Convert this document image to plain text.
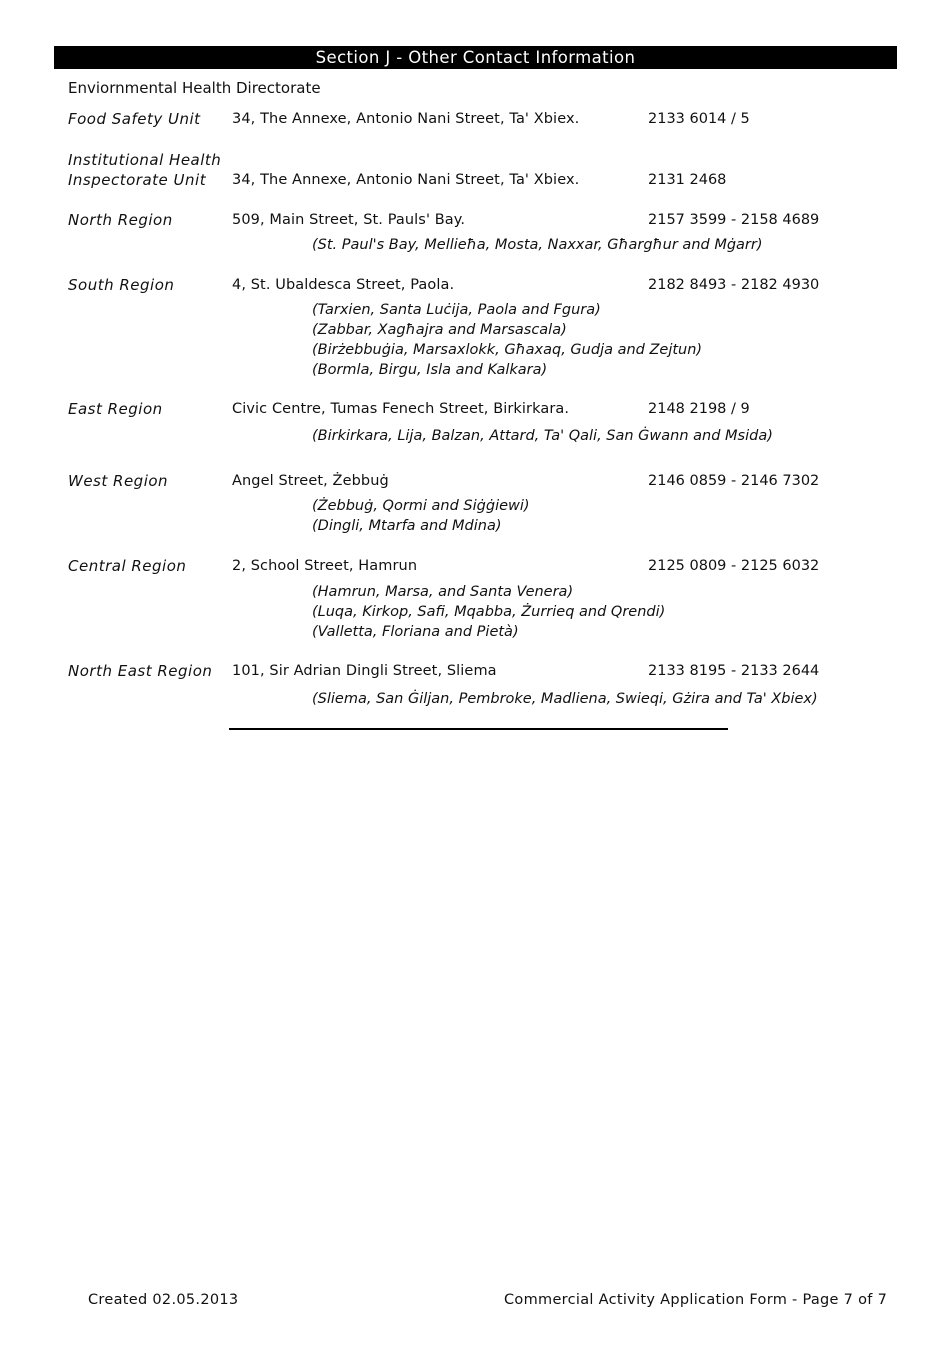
Section J - Other Contact Information
Enviornmental Health Directorate
Food Safety Unit 34, The Annexe, Antonio Nani Street, Ta' Xbiex.	2133 6014 / 5
Institutional Health
Inspectorate Unit	34, The Annexe, Antonio Nani Street, Ta' Xbiex.	2131 2468
North Region	509, Main Street, St. Pauls' Bay.	2157 3599 - 2158 4689
(St. Paul's Bay, Mellieħa, Mosta, Naxxar, Għargħur and Mġarr)
South Region	4, St. Ubaldesca Street, Paola.	2182 8493 - 2182 4930
(Tarxien, Santa Luċija, Paola and Fgura)
(Zabbar, Xagħajra and Marsascala)
(Birżebbuġia, Marsaxlokk, Għaxaq, Gudja and Zejtun)
(Bormla, Birgu, Isla and Kalkara)
East Region	Civic Centre, Tumas Fenech Street, Birkirkara.	2148 2198 / 9
(Birkirkara, Lija, Balzan, Attard, Ta' Qali, San Ġwann and Msida)
West Region	Angel Street, Żebbuġ	2146 0859 - 2146 7302
(Żebbuġ, Qormi and Siġġiewi)
(Dingli, Mtarfa and Mdina)
Central Region	2, School Street, Hamrun	2125 0809 - 2125 6032
(Hamrun, Marsa, and Santa Venera)
(Luqa, Kirkop, Safi, Mqabba, Żurrieq and Qrendi)
(Valletta, Floriana and Pietà)
North East Region 101, Sir Adrian Dingli Street, Sliema	2133 8195 - 2133 2644
(Sliema, San Ġiljan, Pembroke, Madliena, Swieqi, Gżira and Ta' Xbiex)
Created 02.05.2013	Commercial Activity Application Form - Page 7 of 7
